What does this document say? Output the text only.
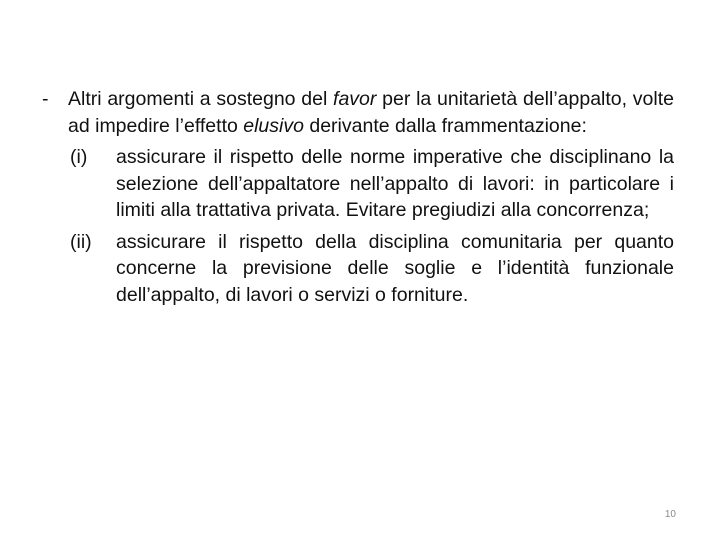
-	Altri argomenti a sostegno del favor per la unitarietà dell’appalto, volte ad impedire l’effetto elusivo derivante dalla frammentazione:
(i)	assicurare il rispetto delle norme imperative che disciplinano la selezione dell’appaltatore nell’appalto di lavori: in particolare i limiti alla trattativa privata. Evitare pregiudizi alla concorrenza;
(ii)	assicurare il rispetto della disciplina comunitaria per quanto concerne la previsione delle soglie e l’identità funzionale dell’appalto, di lavori o servizi o forniture.
10
